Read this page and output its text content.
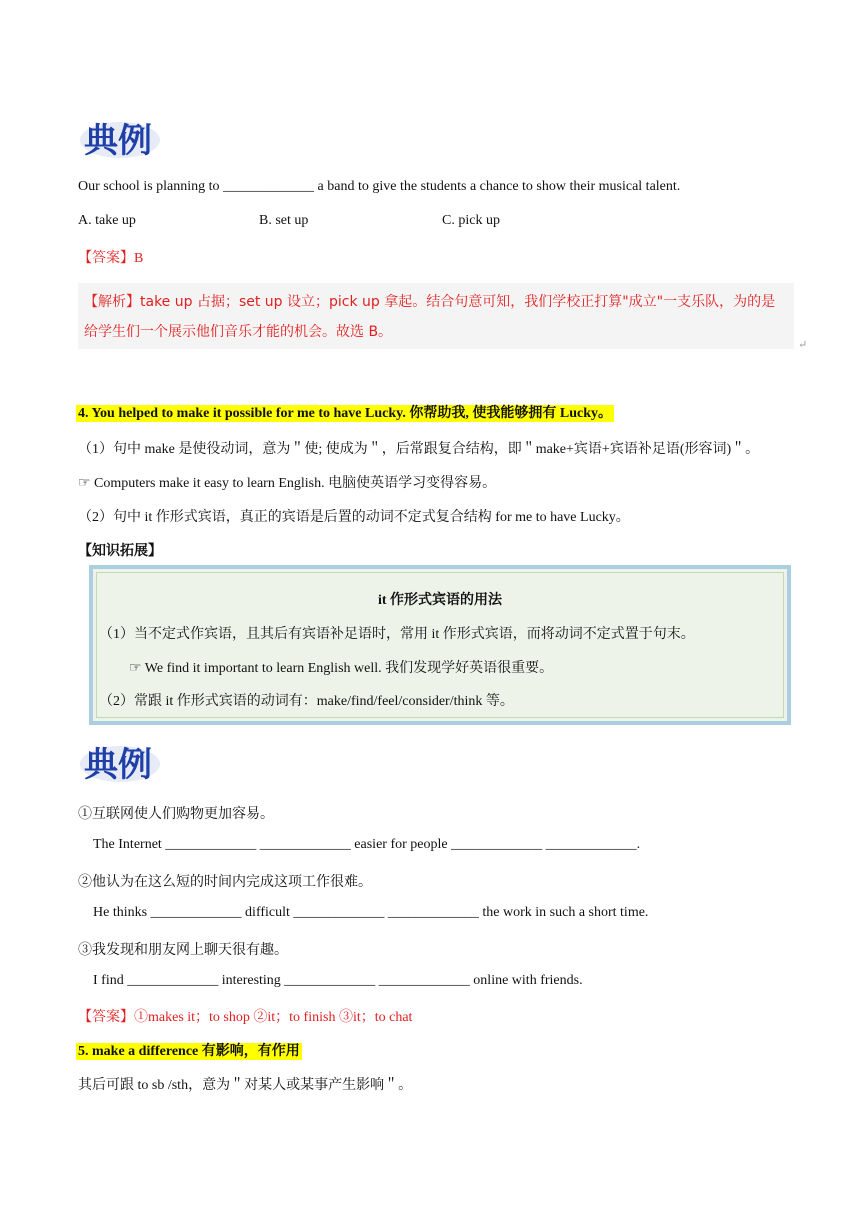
典例
Our school is planning to _____________ a band to give the students a chance to show their musical talent.
A. take up	B. set up	C. pick up
【答案】B
【解析】take up 占据；set up 设立；pick up 拿起。结合句意可知，我们学校正打算"成立"一支乐队，为的是给学生们一个展示他们音乐才能的机会。故选 B。
↵
4. You helped to make it possible for me to have Lucky. 你帮助我, 使我能够拥有 Lucky。
（1）句中 make 是使役动词，意为＂使; 使成为＂，后常跟复合结构，即＂make+宾语+宾语补足语(形容词)＂。
☞ Computers make it easy to learn English. 电脑使英语学习变得容易。
（2）句中 it 作形式宾语，真正的宾语是后置的动词不定式复合结构 for me to have Lucky。
【知识拓展】
it 作形式宾语的用法
（1）当不定式作宾语，且其后有宾语补足语时，常用 it 作形式宾语，而将动词不定式置于句末。
☞ We find it important to learn English well. 我们发现学好英语很重要。
（2）常跟 it 作形式宾语的动词有：make/find/feel/consider/think 等。
典例
①互联网使人们购物更加容易。
The Internet _____________ _____________ easier for people _____________ _____________.
②他认为在这么短的时间内完成这项工作很难。
He thinks _____________ difficult _____________ _____________ the work in such a short time.
③我发现和朋友网上聊天很有趣。
I find _____________ interesting _____________ _____________ online with friends.
【答案】①makes it；to shop ②it；to finish ③it；to chat
5. make a difference 有影响，有作用
其后可跟 to sb /sth，意为＂对某人或某事产生影响＂。
